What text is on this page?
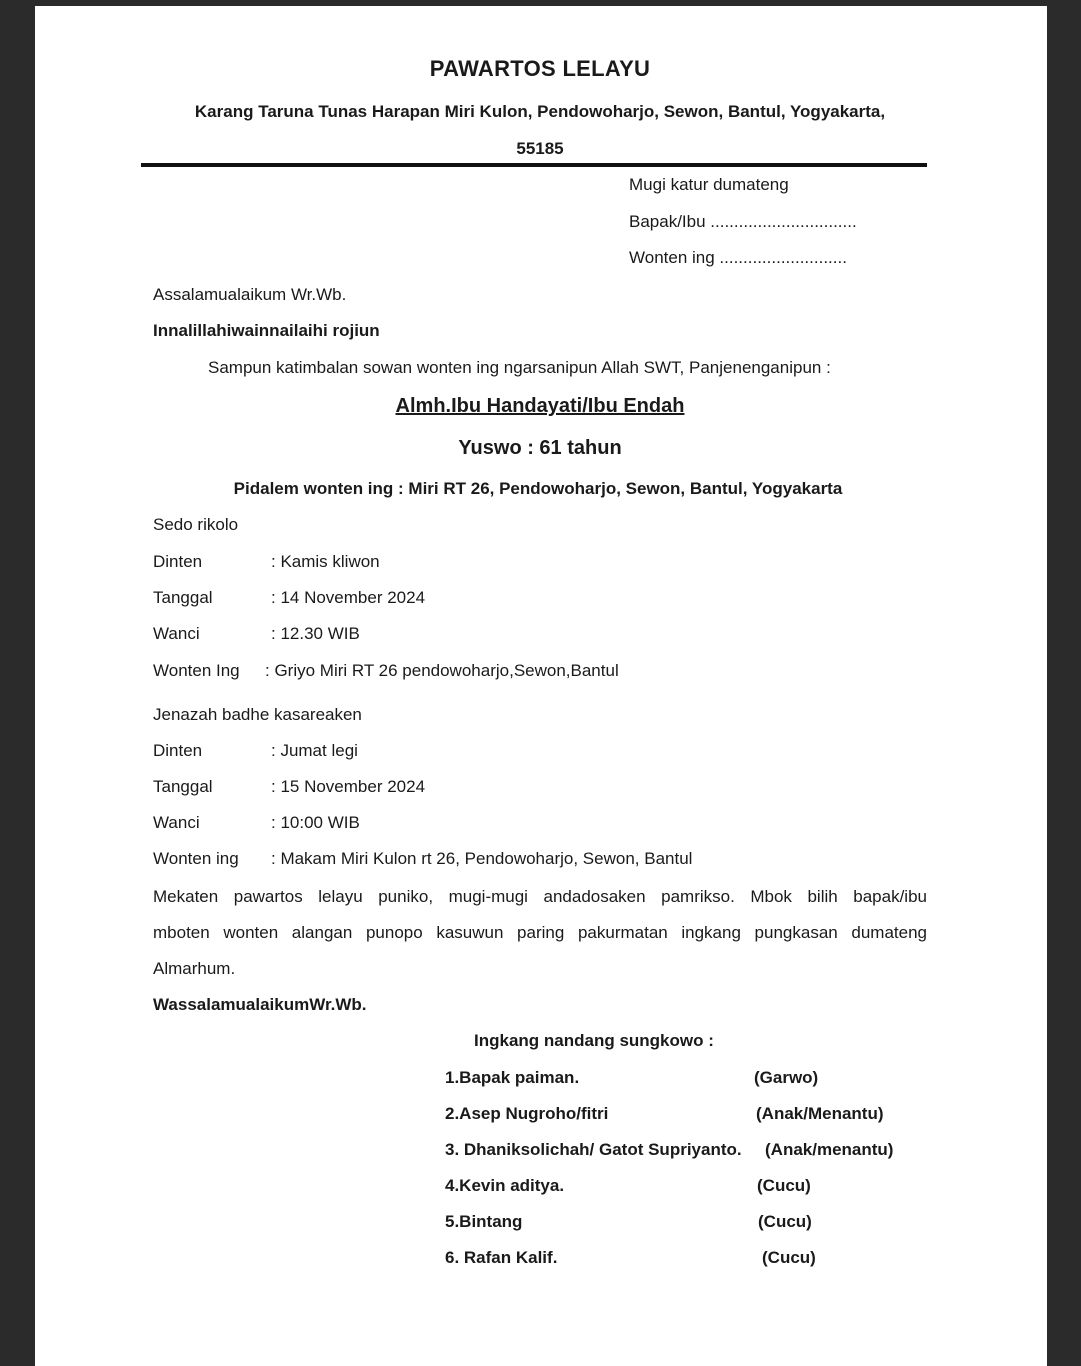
PAWARTOS LELAYU
Karang Taruna Tunas Harapan Miri Kulon, Pendowoharjo, Sewon, Bantul, Yogyakarta,
55185
Mugi katur dumateng
Bapak/Ibu ...............................
Wonten ing ...........................
Assalamualaikum Wr.Wb.
Innalillahiwainnailaihi rojiun
Sampun katimbalan sowan wonten ing ngarsanipun Allah SWT, Panjenenganipun :
Almh.Ibu Handayati/Ibu Endah
Yuswo : 61 tahun
Pidalem wonten ing : Miri RT 26, Pendowoharjo, Sewon, Bantul, Yogyakarta
Sedo rikolo
Dinten	: Kamis kliwon
Tanggal	: 14 November 2024
Wanci	: 12.30 WIB
Wonten Ing : Griyo Miri RT 26 pendowoharjo,Sewon,Bantul
Jenazah badhe kasareaken
Dinten	: Jumat legi
Tanggal	: 15 November 2024
Wanci	: 10:00 WIB
Wonten ing : Makam Miri Kulon rt 26, Pendowoharjo, Sewon, Bantul
Mekaten pawartos lelayu puniko, mugi-mugi andadosaken pamrikso. Mbok bilih bapak/ibu
mboten wonten alangan punopo kasuwun paring pakurmatan ingkang pungkasan dumateng
Almarhum.
WassalamualaikumWr.Wb.
Ingkang nandang sungkowo :
1.Bapak paiman.	(Garwo)
2.Asep Nugroho/fitri	(Anak/Menantu)
3. Dhaniksolichah/ Gatot Supriyanto. (Anak/menantu)
4.Kevin aditya.	(Cucu)
5.Bintang	(Cucu)
6. Rafan Kalif.	(Cucu)
